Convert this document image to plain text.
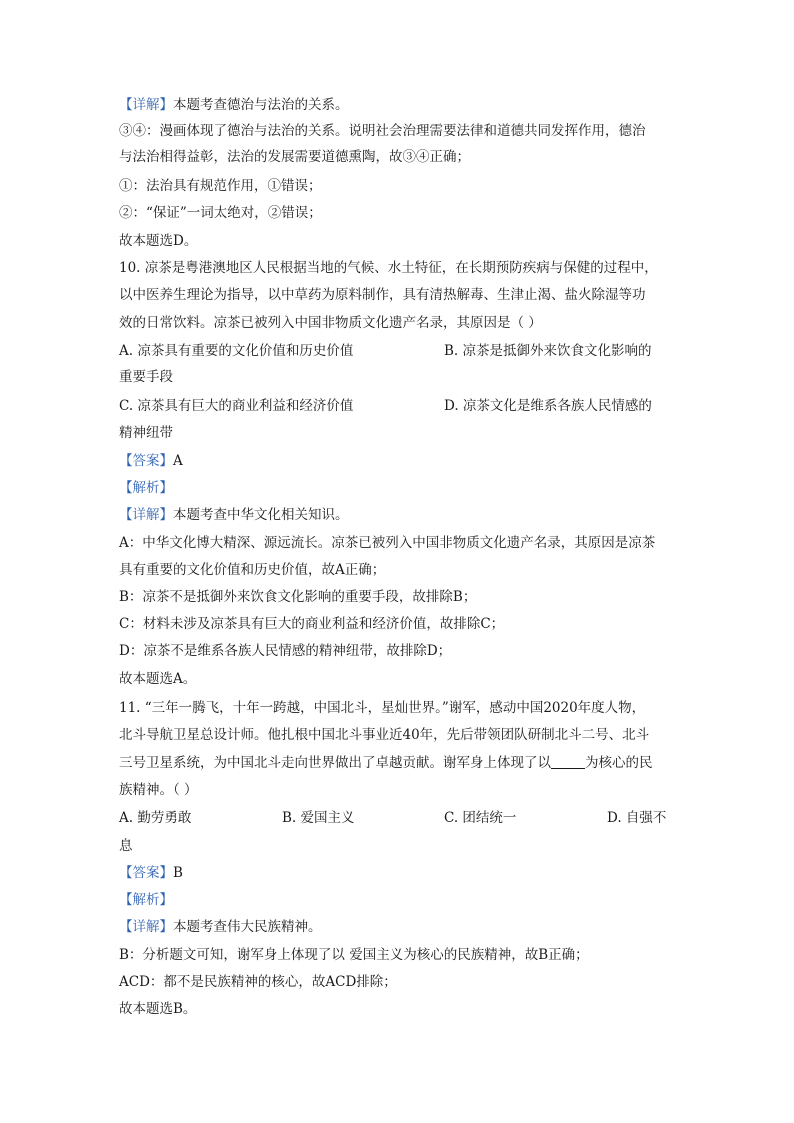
【详解】本题考查德治与法治的关系。
③④：漫画体现了德治与法治的关系。说明社会治理需要法律和道德共同发挥作用，德治
与法治相得益彰，法治的发展需要道德熏陶，故③④正确；
①：法治具有规范作用，①错误；
②：“保证”一词太绝对，②错误；
故本题选D。
10. 凉茶是粤港澳地区人民根据当地的气候、水土特征，在长期预防疾病与保健的过程中，
以中医养生理论为指导，以中草药为原料制作，具有清热解毒、生津止渴、盐火除湿等功
效的日常饮料。凉茶已被列入中国非物质文化遗产名录，其原因是（ ）
A. 凉茶具有重要的文化价值和历史价值	B. 凉茶是抵御外来饮食文化影响的
重要手段
C. 凉茶具有巨大的商业利益和经济价值	D. 凉茶文化是维系各族人民情感的
精神纽带
【答案】A
【解析】
【详解】本题考查中华文化相关知识。
A：中华文化博大精深、源远流长。凉茶已被列入中国非物质文化遗产名录，其原因是凉茶
具有重要的文化价值和历史价值，故A正确；
B：凉茶不是抵御外来饮食文化影响的重要手段，故排除B；
C：材料未涉及凉茶具有巨大的商业利益和经济价值，故排除C；
D：凉茶不是维系各族人民情感的精神纽带，故排除D；
故本题选A。
11. “三年一腾飞，十年一跨越，中国北斗，星灿世界。”谢军，感动中国2020年度人物，
北斗导航卫星总设计师。他扎根中国北斗事业近40年，先后带领团队研制北斗二号、北斗
三号卫星系统，为中国北斗走向世界做出了卓越贡献。谢军身上体现了以	为核心的民
族精神。（ ）
A. 勤劳勇敢	B. 爱国主义	C. 团结统一	D. 自强不
息
【答案】B
【解析】
【详解】本题考查伟大民族精神。
B：分析题文可知，谢军身上体现了以 爱国主义为核心的民族精神，故B正确；
ACD：都不是民族精神的核心，故ACD排除；
故本题选B。
